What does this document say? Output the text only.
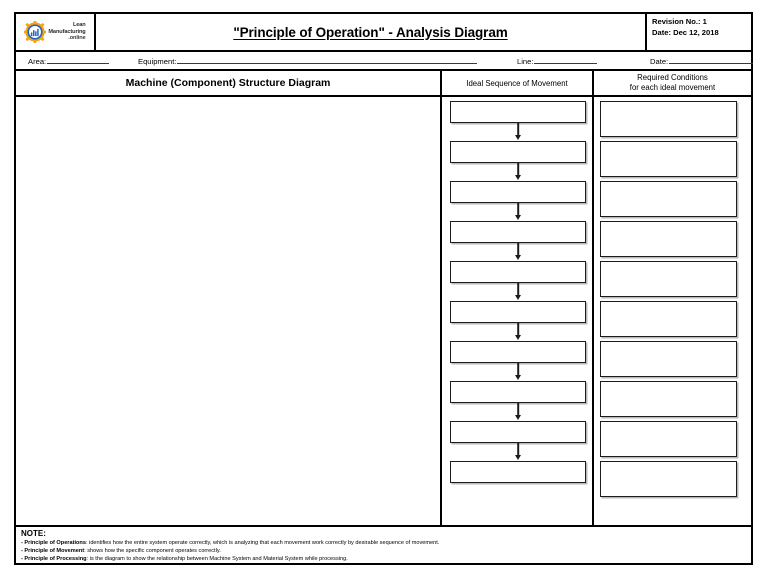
Lean
Manufacturing
.online	"Principle of Operation" - Analysis Diagram
Revision No.: 1
Date: Dec 12, 2018
Area:	Equipment:	Line:	Date:
Machine (Component) Structure Diagram	Ideal Sequence of Movement
Required Conditions
for each ideal movement
NOTE:
- Principle of Operations: identifies how the entire system operate correctly, which is analyzing that each movement work correctly by desirable sequence of movement.
- Principle of Movement: shows how the specific component operates correctly.
- Principle of Processing: is the diagram to show the relationship between Machine System and Material System while processing.
